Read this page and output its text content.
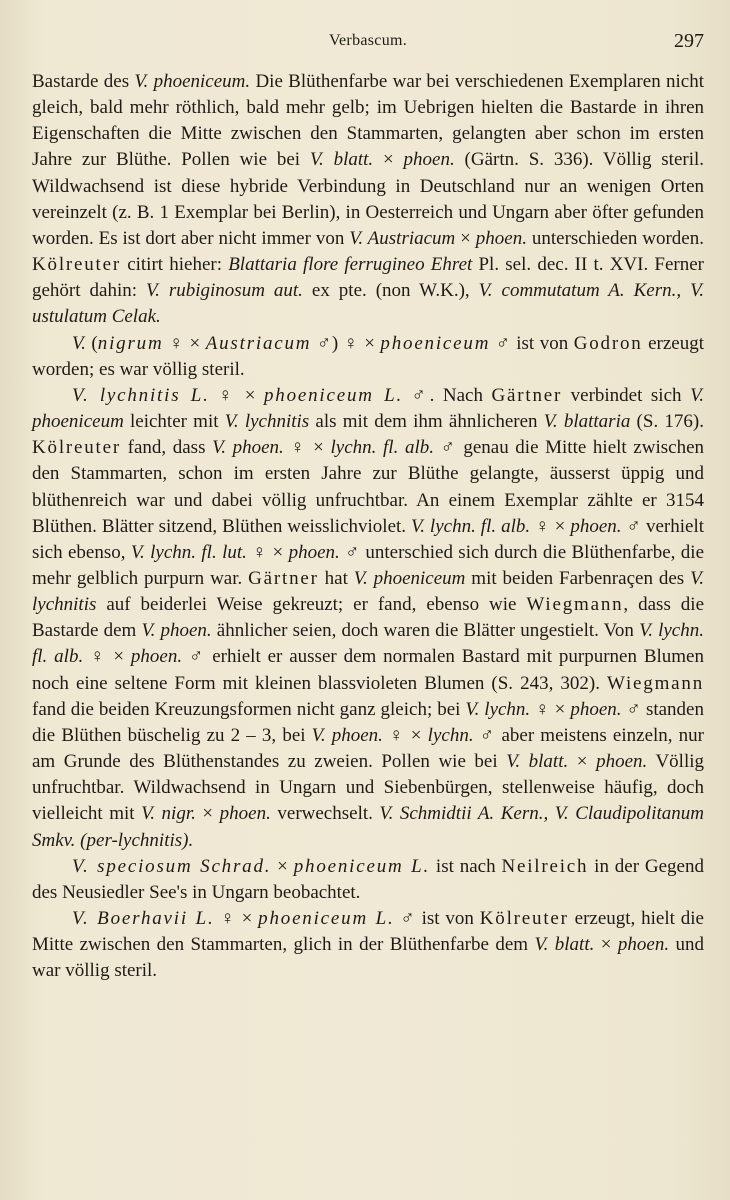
Verbascum.	297

Bastarde des V. phoeniceum. Die Blüthenfarbe war bei verschiedenen Exemplaren nicht gleich, bald mehr röthlich, bald mehr gelb; im Uebrigen hielten die Bastarde in ihren Eigenschaften die Mitte zwischen den Stammarten, gelangten aber schon im ersten Jahre zur Blüthe. Pollen wie bei V. blatt. × phoen. (Gärtn. S. 336). Völlig steril. Wildwachsend ist diese hybride Verbindung in Deutschland nur an wenigen Orten vereinzelt (z. B. 1 Exemplar bei Berlin), in Oesterreich und Ungarn aber öfter gefunden worden. Es ist dort aber nicht immer von V. Austriacum × phoen. unterschieden worden. Kölreuter citirt hieher: Blattaria flore ferrugineo Ehret Pl. sel. dec. II t. XVI. Ferner gehört dahin: V. rubiginosum aut. ex pte. (non W.K.), V. commutatum A. Kern., V. ustulatum Celak.

V. (nigrum ♀ × Austriacum ♂) ♀ × phoeniceum ♂ ist von Godron erzeugt worden; es war völlig steril.

V. lychnitis L. ♀ × phoeniceum L. ♂. Nach Gärtner verbindet sich V. phoeniceum leichter mit V. lychnitis als mit dem ihm ähnlicheren V. blattaria (S. 176). Kölreuter fand, dass V. phoen. ♀ × lychn. fl. alb. ♂ genau die Mitte hielt zwischen den Stammarten, schon im ersten Jahre zur Blüthe gelangte, äusserst üppig und blüthenreich war und dabei völlig unfruchtbar. An einem Exemplar zählte er 3154 Blüthen. Blätter sitzend, Blüthen weisslichviolet. V. lychn. fl. alb. ♀ × phoen. ♂ verhielt sich ebenso, V. lychn. fl. lut. ♀ × phoen. ♂ unterschied sich durch die Blüthenfarbe, die mehr gelblich purpurn war. Gärtner hat V. phoeniceum mit beiden Farbenraçen des V. lychnitis auf beiderlei Weise gekreuzt; er fand, ebenso wie Wiegmann, dass die Bastarde dem V. phoen. ähnlicher seien, doch waren die Blätter ungestielt. Von V. lychn. fl. alb. ♀ × phoen. ♂ erhielt er ausser dem normalen Bastard mit purpurnen Blumen noch eine seltene Form mit kleinen blassvioleten Blumen (S. 243, 302). Wiegmann fand die beiden Kreuzungsformen nicht ganz gleich; bei V. lychn. ♀ × phoen. ♂ standen die Blüthen büschelig zu 2 – 3, bei V. phoen. ♀ × lychn. ♂ aber meistens einzeln, nur am Grunde des Blüthenstandes zu zweien. Pollen wie bei V. blatt. × phoen. Völlig unfruchtbar. Wildwachsend in Ungarn und Siebenbürgen, stellenweise häufig, doch vielleicht mit V. nigr. × phoen. verwechselt. V. Schmidtii A. Kern., V. Claudipolitanum Smkv. (per-lychnitis).

V. speciosum Schrad. × phoeniceum L. ist nach Neilreich in der Gegend des Neusiedler See's in Ungarn beobachtet.

V. Boerhavii L. ♀ × phoeniceum L. ♂ ist von Kölreuter erzeugt, hielt die Mitte zwischen den Stammarten, glich in der Blüthenfarbe dem V. blatt. × phoen. und war völlig steril.
